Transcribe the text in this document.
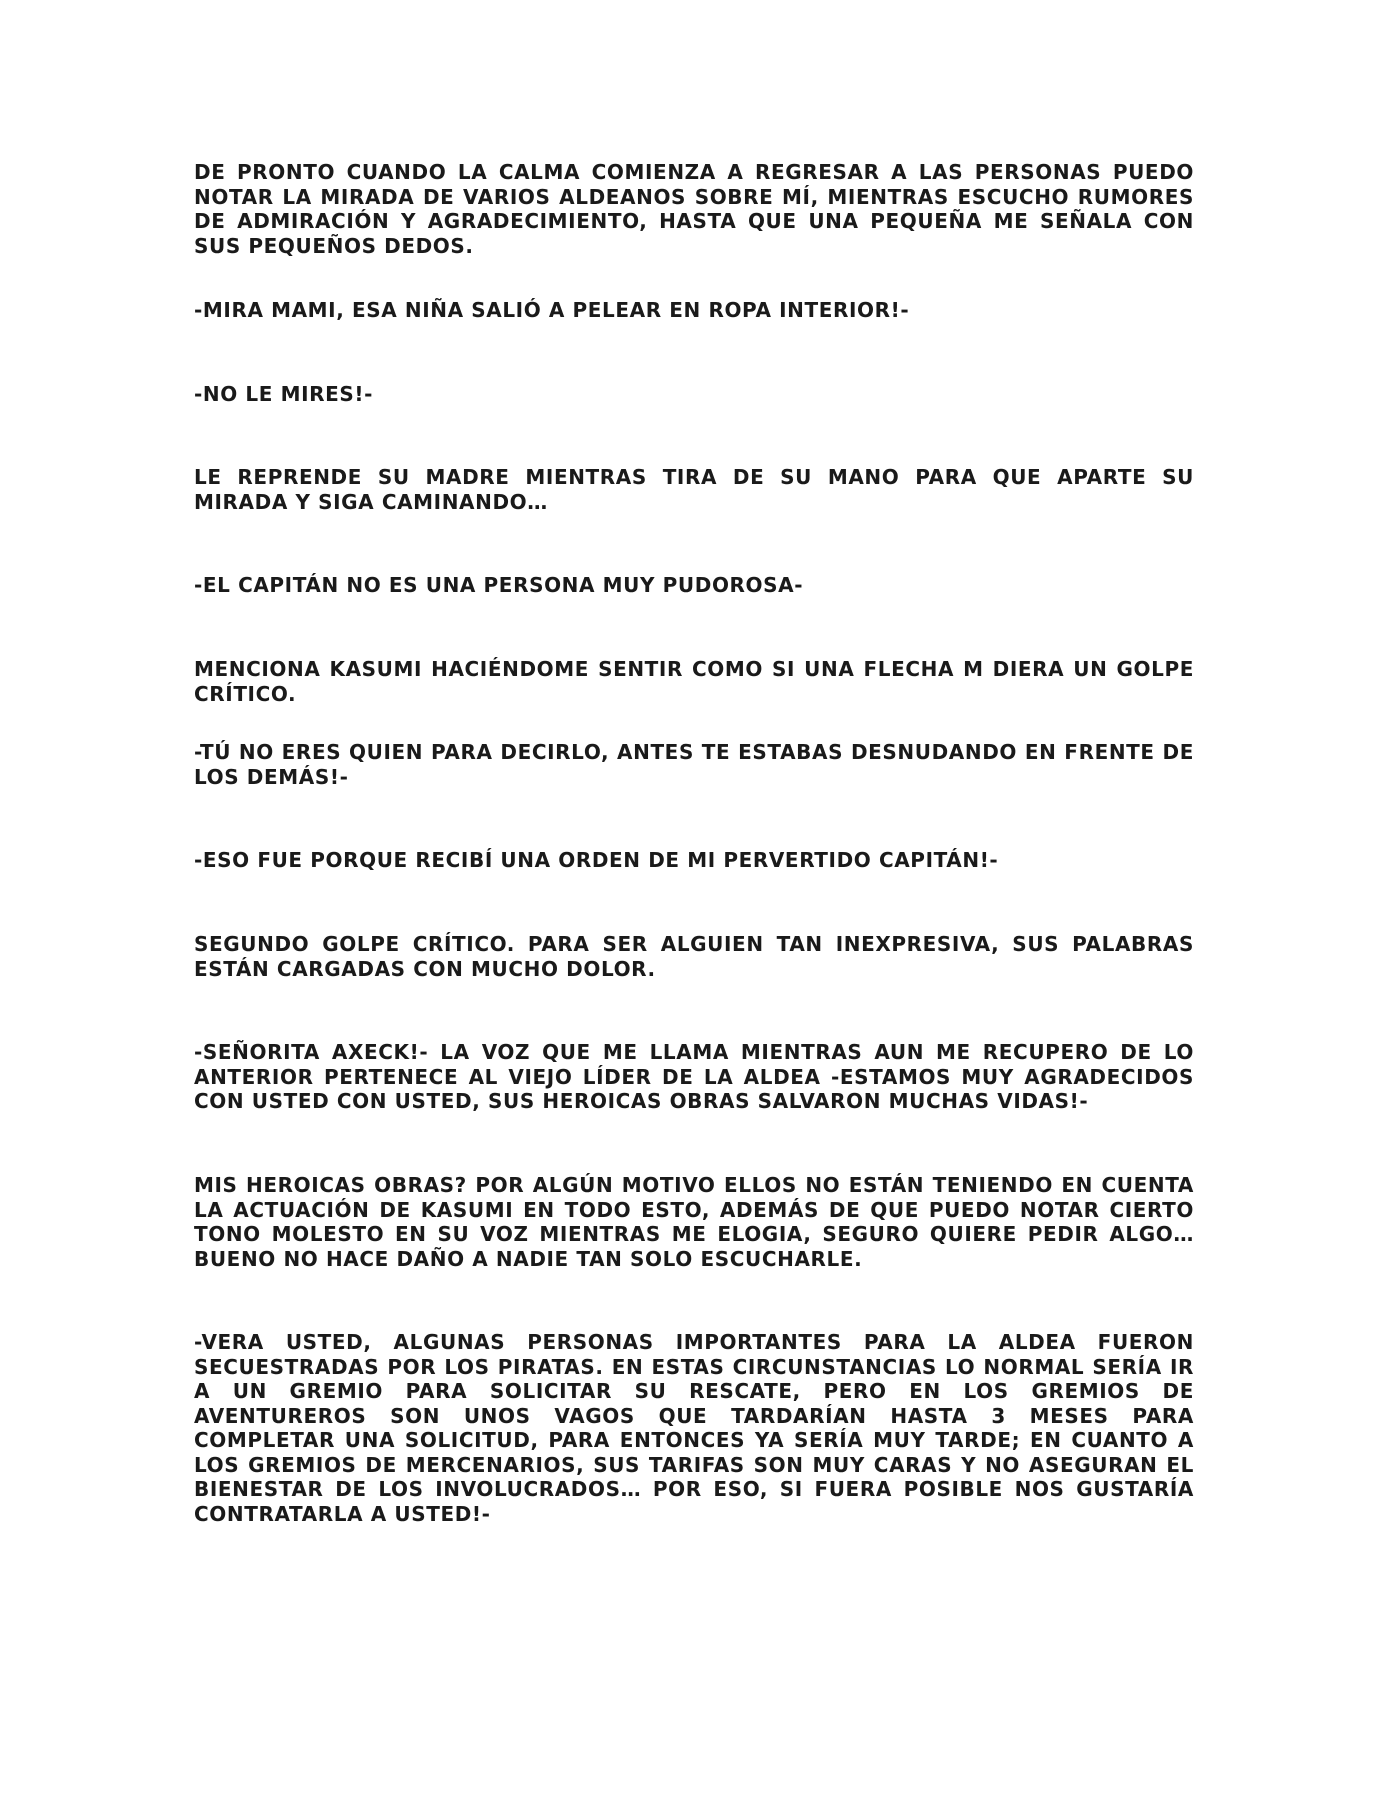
DE PRONTO CUANDO LA CALMA COMIENZA A REGRESAR A LAS PERSONAS PUEDO NOTAR LA MIRADA DE VARIOS ALDEANOS SOBRE MÍ, MIENTRAS ESCUCHO RUMORES DE ADMIRACIÓN Y AGRADECIMIENTO, HASTA QUE UNA PEQUEÑA ME SEÑALA CON SUS PEQUEÑOS DEDOS.

-MIRA MAMI, ESA NIÑA SALIÓ A PELEAR EN ROPA INTERIOR!-

-NO LE MIRES!-

LE REPRENDE SU MADRE MIENTRAS TIRA DE SU MANO PARA QUE APARTE SU MIRADA Y SIGA CAMINANDO…

-EL CAPITÁN NO ES UNA PERSONA MUY PUDOROSA-

MENCIONA KASUMI HACIÉNDOME SENTIR COMO SI UNA FLECHA M DIERA UN GOLPE CRÍTICO.

-TÚ NO ERES QUIEN PARA DECIRLO, ANTES TE ESTABAS DESNUDANDO EN FRENTE DE LOS DEMÁS!-

-ESO FUE PORQUE RECIBÍ UNA ORDEN DE MI PERVERTIDO CAPITÁN!-

SEGUNDO GOLPE CRÍTICO. PARA SER ALGUIEN TAN INEXPRESIVA, SUS PALABRAS ESTÁN CARGADAS CON MUCHO DOLOR.

-SEÑORITA AXECK!- LA VOZ QUE ME LLAMA MIENTRAS AUN ME RECUPERO DE LO ANTERIOR PERTENECE AL VIEJO LÍDER DE LA ALDEA -ESTAMOS MUY AGRADECIDOS CON USTED CON USTED, SUS HEROICAS OBRAS SALVARON MUCHAS VIDAS!-

MIS HEROICAS OBRAS? POR ALGÚN MOTIVO ELLOS NO ESTÁN TENIENDO EN CUENTA LA ACTUACIÓN DE KASUMI EN TODO ESTO, ADEMÁS DE QUE PUEDO NOTAR CIERTO TONO MOLESTO EN SU VOZ MIENTRAS ME ELOGIA, SEGURO QUIERE PEDIR ALGO… BUENO NO HACE DAÑO A NADIE TAN SOLO ESCUCHARLE.

-VERA USTED, ALGUNAS PERSONAS IMPORTANTES PARA LA ALDEA FUERON SECUESTRADAS POR LOS PIRATAS. EN ESTAS CIRCUNSTANCIAS LO NORMAL SERÍA IR A UN GREMIO PARA SOLICITAR SU RESCATE, PERO EN LOS GREMIOS DE AVENTUREROS SON UNOS VAGOS QUE TARDARÍAN HASTA 3 MESES PARA COMPLETAR UNA SOLICITUD, PARA ENTONCES YA SERÍA MUY TARDE; EN CUANTO A LOS GREMIOS DE MERCENARIOS, SUS TARIFAS SON MUY CARAS Y NO ASEGURAN EL BIENESTAR DE LOS INVOLUCRADOS… POR ESO, SI FUERA POSIBLE NOS GUSTARÍA CONTRATARLA A USTED!-
